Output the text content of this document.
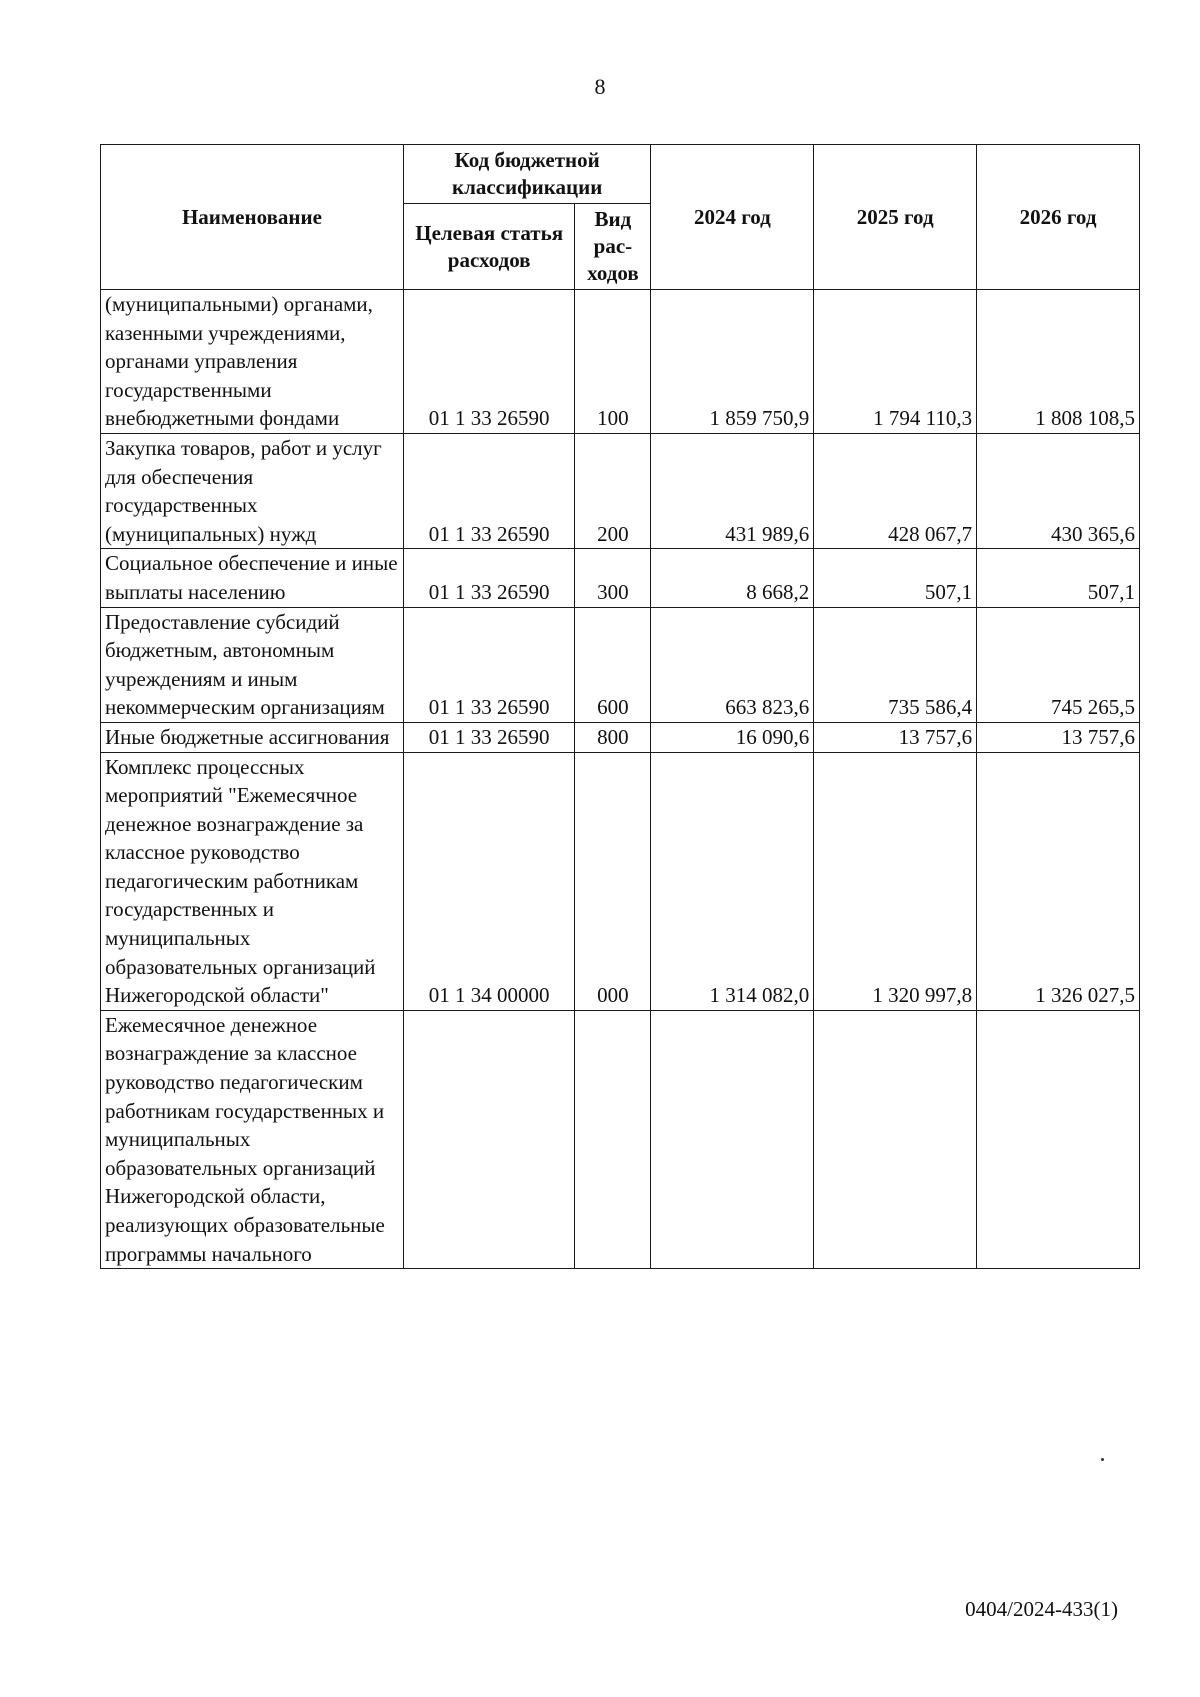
8
Наименование	Код бюджетной классификации		2024 год	2025 год	2026 год
	Целевая статья расходов	Вид рас- ходов			
(муниципальными) органами, казенными учреждениями, органами управления государственными внебюджетными фондами	01 1 33 26590	100	1 859 750,9	1 794 110,3	1 808 108,5
Закупка товаров, работ и услуг для обеспечения государственных (муниципальных) нужд	01 1 33 26590	200	431 989,6	428 067,7	430 365,6
Социальное обеспечение и иные выплаты населению	01 1 33 26590	300	8 668,2	507,1	507,1
Предоставление субсидий бюджетным, автономным учреждениям и иным некоммерческим организациям	01 1 33 26590	600	663 823,6	735 586,4	745 265,5
Иные бюджетные ассигнования	01 1 33 26590	800	16 090,6	13 757,6	13 757,6
Комплекс процессных мероприятий "Ежемесячное денежное вознаграждение за классное руководство педагогическим работникам государственных и муниципальных образовательных организаций Нижегородской области"	01 1 34 00000	000	1 314 082,0	1 320 997,8	1 326 027,5
Ежемесячное денежное вознаграждение за классное руководство педагогическим работникам государственных и муниципальных образовательных организаций Нижегородской области, реализующих образовательные программы начального					
0404/2024-433(1)
